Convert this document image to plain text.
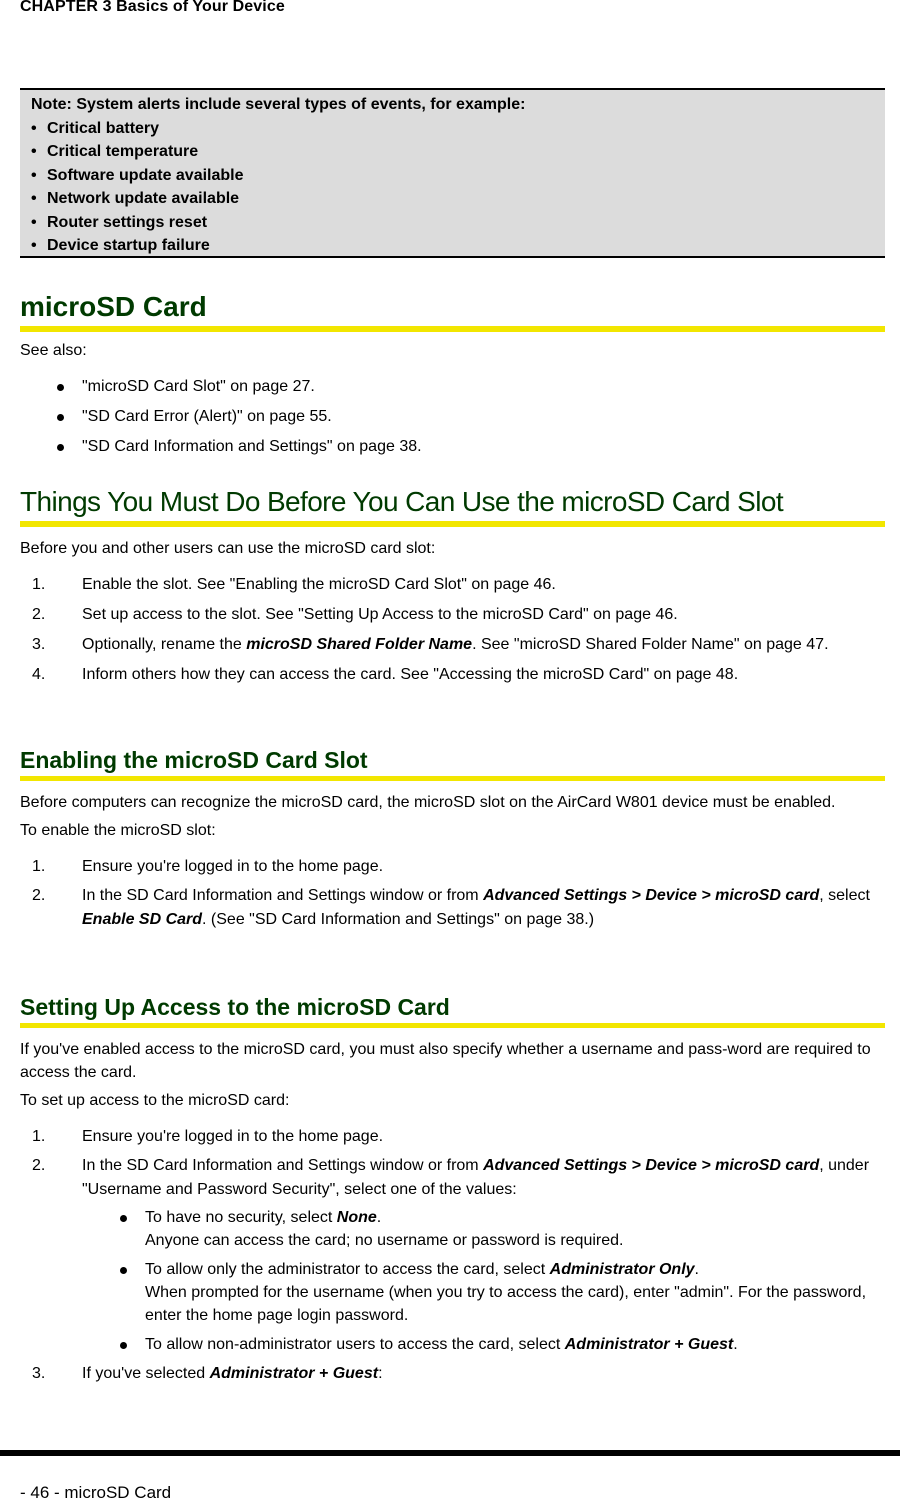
CHAPTER 3 Basics of Your Device
Note: System alerts include several types of events, for example:
• Critical battery
• Critical temperature
• Software update available
• Network update available
• Router settings reset
• Device startup failure
microSD Card

See also:

"microSD Card Slot" on page 27.
"SD Card Error (Alert)" on page 55.
"SD Card Information and Settings" on page 38.
Things You Must Do Before You Can Use the microSD Card Slot

Before you and other users can use the microSD card slot:

1. Enable the slot. See "Enabling the microSD Card Slot" on page 46.
2. Set up access to the slot. See "Setting Up Access to the microSD Card" on page 46.
3. Optionally, rename the microSD Shared Folder Name. See "microSD Shared Folder Name" on page 47.
4. Inform others how they can access the card. See "Accessing the microSD Card" on page 48.
Enabling the microSD Card Slot

Before computers can recognize the microSD card, the microSD slot on the AirCard W801 device must be enabled.

To enable the microSD slot:

1. Ensure you're logged in to the home page.
2. In the SD Card Information and Settings window or from Advanced Settings > Device > microSD card, select Enable SD Card. (See "SD Card Information and Settings" on page 38.)
Setting Up Access to the microSD Card

If you've enabled access to the microSD card, you must also specify whether a username and pass-word are required to access the card.

To set up access to the microSD card:

1. Ensure you're logged in to the home page.
2. In the SD Card Information and Settings window or from Advanced Settings > Device > microSD card, under "Username and Password Security", select one of the values:
To have no security, select None.
Anyone can access the card; no username or password is required.
To allow only the administrator to access the card, select Administrator Only.
When prompted for the username (when you try to access the card), enter "admin". For the password, enter the home page login password.
To allow non-administrator users to access the card, select Administrator + Guest.
3. If you've selected Administrator + Guest:
- 46 - microSD Card
